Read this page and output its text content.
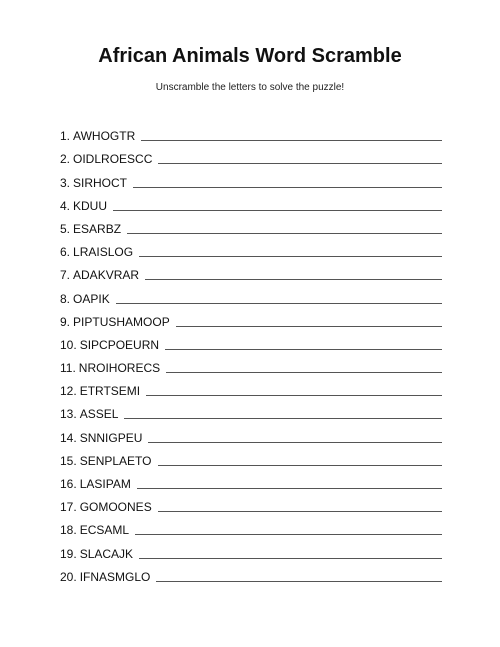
African Animals Word Scramble
Unscramble the letters to solve the puzzle!
1. AWHOGTR
2. OIDLROESCC
3. SIRHOCT
4. KDUU
5. ESARBZ
6. LRAISLOG
7. ADAKVRAR
8. OAPIK
9. PIPTUSHAMOOP
10. SIPCPOEURN
11. NROIHORECS
12. ETRTSEMI
13. ASSEL
14. SNNIGPEU
15. SENPLAETO
16. LASIPAM
17. GOMOONES
18. ECSAML
19. SLACAJK
20. IFNASMGLO
